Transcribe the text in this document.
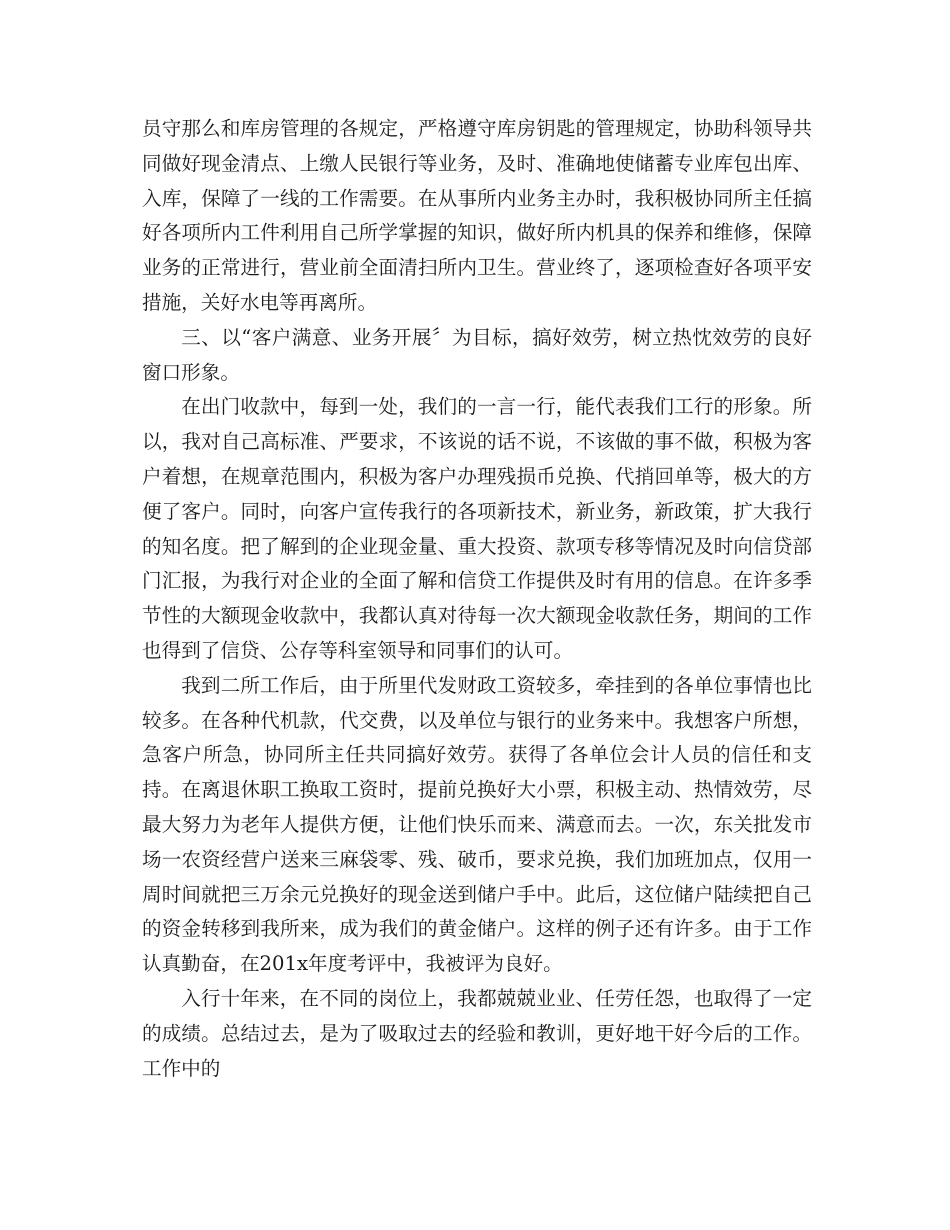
员守那么和库房管理的各规定，严格遵守库房钥匙的管理规定，协助科领导共同做好现金清点、上缴人民银行等业务，及时、准确地使储蓄专业库包出库、入库，保障了一线的工作需要。在从事所内业务主办时，我积极协同所主任搞好各项所内工件利用自己所学掌握的知识，做好所内机具的保养和维修，保障业务的正常进行，营业前全面清扫所内卫生。营业终了，逐项检查好各项平安措施，关好水电等再离所。

三、以“客户满意、业务开展〞为目标，搞好效劳，树立热忱效劳的良好窗口形象。

在出门收款中，每到一处，我们的一言一行，能代表我们工行的形象。所以，我对自己高标准、严要求，不该说的话不说，不该做的事不做，积极为客户着想，在规章范围内，积极为客户办理残损币兑换、代捎回单等，极大的方便了客户。同时，向客户宣传我行的各项新技术，新业务，新政策，扩大我行的知名度。把了解到的企业现金量、重大投资、款项专移等情况及时向信贷部门汇报，为我行对企业的全面了解和信贷工作提供及时有用的信息。在许多季节性的大额现金收款中，我都认真对待每一次大额现金收款任务，期间的工作也得到了信贷、公存等科室领导和同事们的认可。

我到二所工作后，由于所里代发财政工资较多，牵挂到的各单位事情也比较多。在各种代机款，代交费，以及单位与银行的业务来中。我想客户所想，急客户所急，协同所主任共同搞好效劳。获得了各单位会计人员的信任和支持。在离退休职工换取工资时，提前兑换好大小票，积极主动、热情效劳，尽最大努力为老年人提供方便，让他们快乐而来、满意而去。一次，东关批发市场一农资经营户送来三麻袋零、残、破币，要求兑换，我们加班加点，仅用一周时间就把三万余元兑换好的现金送到储户手中。此后，这位储户陆续把自己的资金转移到我所来，成为我们的黄金储户。这样的例子还有许多。由于工作认真勤奋，在201x年度考评中，我被评为良好。

入行十年来，在不同的岗位上，我都兢兢业业、任劳任怨，也取得了一定的成绩。总结过去，是为了吸取过去的经验和教训，更好地干好今后的工作。工作中的
